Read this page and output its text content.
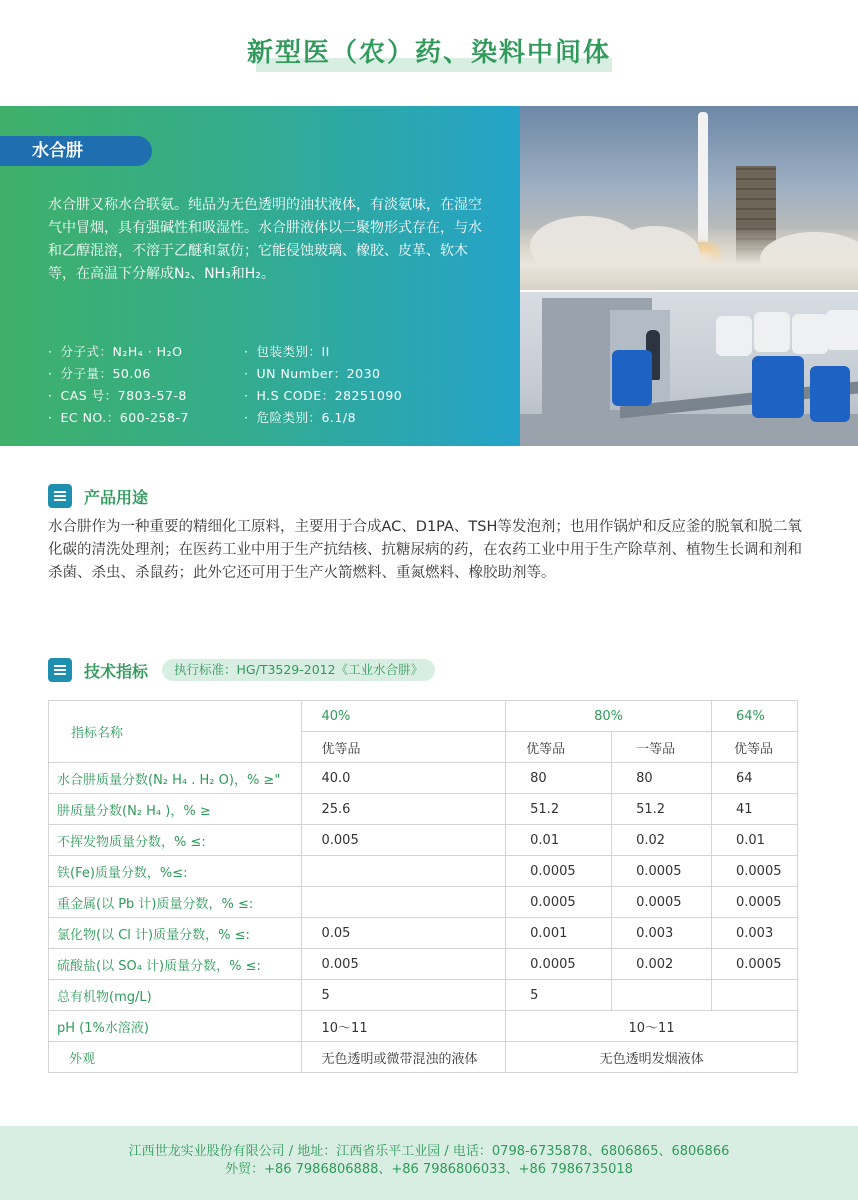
新型医（农）药、染料中间体
水合肼
水合肼又称水合联氨。纯品为无色透明的油状液体，有淡氨味，在湿空气中冒烟，具有强碱性和吸湿性。水合肼液体以二聚物形式存在，与水和乙醇混溶，不溶于乙醚和氯仿；它能侵蚀玻璃、橡胶、皮革、软木等，在高温下分解成N₂、NH₃和H₂。
· 分子式：N₂H₄ · H₂O
· 分子量：50.06
· CAS 号：7803-57-8
· EC NO.：600-258-7
· 包装类别：II
· UN Number：2030
· H.S CODE：28251090
· 危险类别：6.1/8
产品用途
水合肼作为一种重要的精细化工原料，主要用于合成AC、D1PA、TSH等发泡剂；也用作锅炉和反应釜的脱氧和脱二氧化碳的清洗处理剂；在医药工业中用于生产抗结核、抗糖尿病的药，在农药工业中用于生产除草剂、植物生长调和剂和杀菌、杀虫、杀鼠药；此外它还可用于生产火箭燃料、重氮燃料、橡胶助剂等。
技术指标	执行标准：HG/T3529-2012《工业水合肼》
指标名称	40%	80%		64%
	优等品	优等品	一等品	优等品
水合肼质量分数(N₂ H₄ . H₂ O)，% ≥"	40.0	80	80	64
肼质量分数(N₂ H₄ )，% ≥	25.6	51.2	51.2	41
不挥发物质量分数，% ≤:	0.005	0.01	0.02	0.01
铁(Fe)质量分数，%≤:		0.0005	0.0005	0.0005
重金属(以 Pb 计)质量分数，% ≤:		0.0005	0.0005	0.0005
氯化物(以 Cl 计)质量分数，% ≤:	0.05	0.001	0.003	0.003
硫酸盐(以 SO₄ 计)质量分数，% ≤:	0.005	0.0005	0.002	0.0005
总有机物(mg/L)	5	5		
pH (1%水溶液)	10～11	10～11		
外观	无色透明或微带混浊的液体	无色透明发烟液体		
江西世龙实业股份有限公司 / 地址：江西省乐平工业园 / 电话：0798-6735878、6806865、6806866
外贸：+86 7986806888、+86 7986806033、+86 7986735018
